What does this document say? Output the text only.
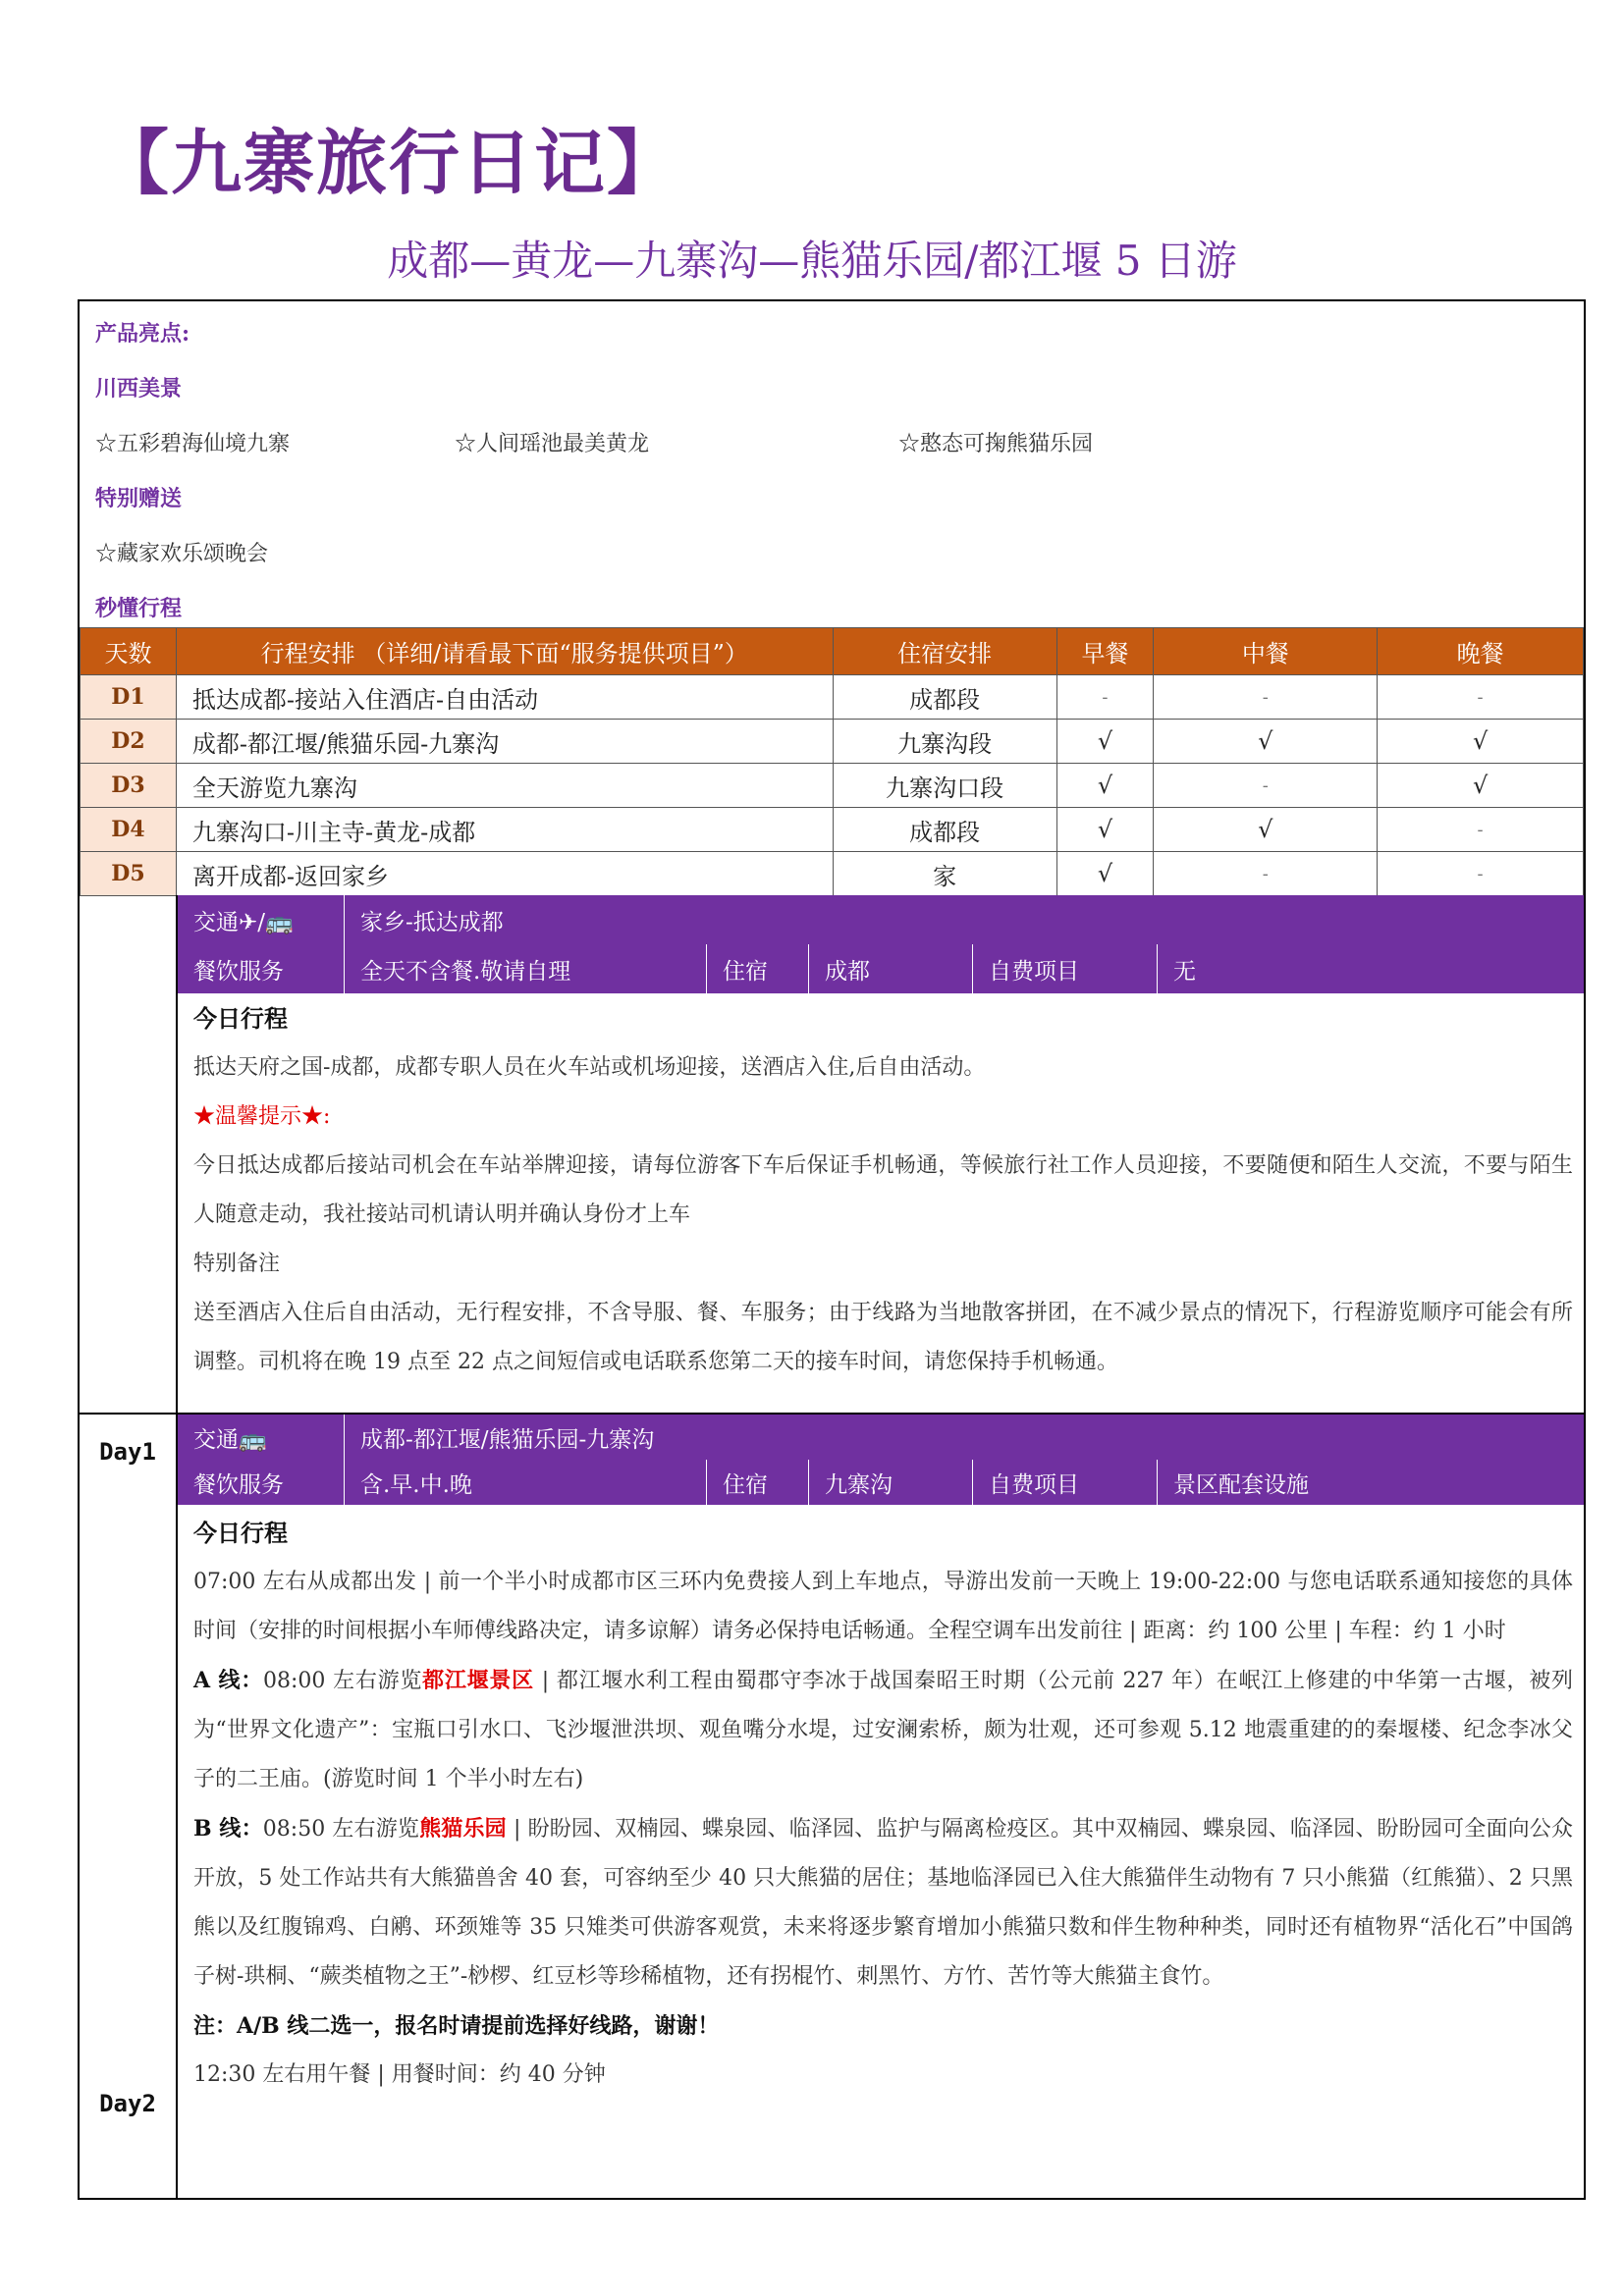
【九寨旅行日记】
成都—黄龙—九寨沟—熊猫乐园/都江堰 5 日游
产品亮点:
川西美景
☆五彩碧海仙境九寨	☆人间瑶池最美黄龙	☆憨态可掬熊猫乐园
特别赠送
☆藏家欢乐颂晚会
秒懂行程
天数	行程安排 （详细/请看最下面“服务提供项目”）	住宿安排	早餐	中餐	晚餐
D1	抵达成都-接站入住酒店-自由活动	成都段	-	-	-
D2	成都-都江堰/熊猫乐园-九寨沟	九寨沟段	√	√	√
D3	全天游览九寨沟	九寨沟口段	√	-	√
D4	九寨沟口-川主寺-黄龙-成都	成都段	√	√	-
D5	离开成都-返回家乡	家	√	-	-
Day1
交通✈/🚌	家乡-抵达成都
餐饮服务	全天不含餐.敬请自理	住宿	成都	自费项目	无

今日行程

抵达天府之国-成都，成都专职人员在火车站或机场迎接，送酒店入住,后自由活动。

★温馨提示★:

今日抵达成都后接站司机会在车站举牌迎接，请每位游客下车后保证手机畅通，等候旅行社工作人员迎接，不要随便和陌生人交流，不要与陌生人随意走动，我社接站司机请认明并确认身份才上车

特别备注

送至酒店入住后自由活动，无行程安排，不含导服、餐、车服务；由于线路为当地散客拼团，在不减少景点的情况下，行程游览顺序可能会有所调整。司机将在晚 19 点至 22 点之间短信或电话联系您第二天的接车时间，请您保持手机畅通。

Day2
交通🚌	成都-都江堰/熊猫乐园-九寨沟
餐饮服务	含.早.中.晚	住宿	九寨沟	自费项目	景区配套设施

今日行程

07:00 左右从成都出发 | 前一个半小时成都市区三环内免费接人到上车地点，导游出发前一天晚上 19:00-22:00 与您电话联系通知接您的具体时间（安排的时间根据小车师傅线路决定，请多谅解）请务必保持电话畅通。全程空调车出发前往 | 距离：约 100 公里 | 车程：约 1 小时

A 线：08:00 左右游览都江堰景区 | 都江堰水利工程由蜀郡守李冰于战国秦昭王时期（公元前 227 年）在岷江上修建的中华第一古堰，被列为“世界文化遗产”：宝瓶口引水口、飞沙堰泄洪坝、观鱼嘴分水堤，过安澜索桥，颇为壮观，还可参观 5.12 地震重建的的秦堰楼、纪念李冰父子的二王庙。(游览时间 1 个半小时左右)

B 线：08:50 左右游览熊猫乐园 | 盼盼园、双楠园、蝶泉园、临泽园、监护与隔离检疫区。其中双楠园、蝶泉园、临泽园、盼盼园可全面向公众开放，5 处工作站共有大熊猫兽舍 40 套，可容纳至少 40 只大熊猫的居住；基地临泽园已入住大熊猫伴生动物有 7 只小熊猫（红熊猫）、2 只黑熊以及红腹锦鸡、白鹇、环颈雉等 35 只雉类可供游客观赏，未来将逐步繁育增加小熊猫只数和伴生物种种类，同时还有植物界“活化石”中国鸽子树-珙桐、“蕨类植物之王”-桫椤、红豆杉等珍稀植物，还有拐棍竹、刺黑竹、方竹、苦竹等大熊猫主食竹。

注：A/B 线二选一，报名时请提前选择好线路，谢谢！

12:30 左右用午餐 | 用餐时间：约 40 分钟
